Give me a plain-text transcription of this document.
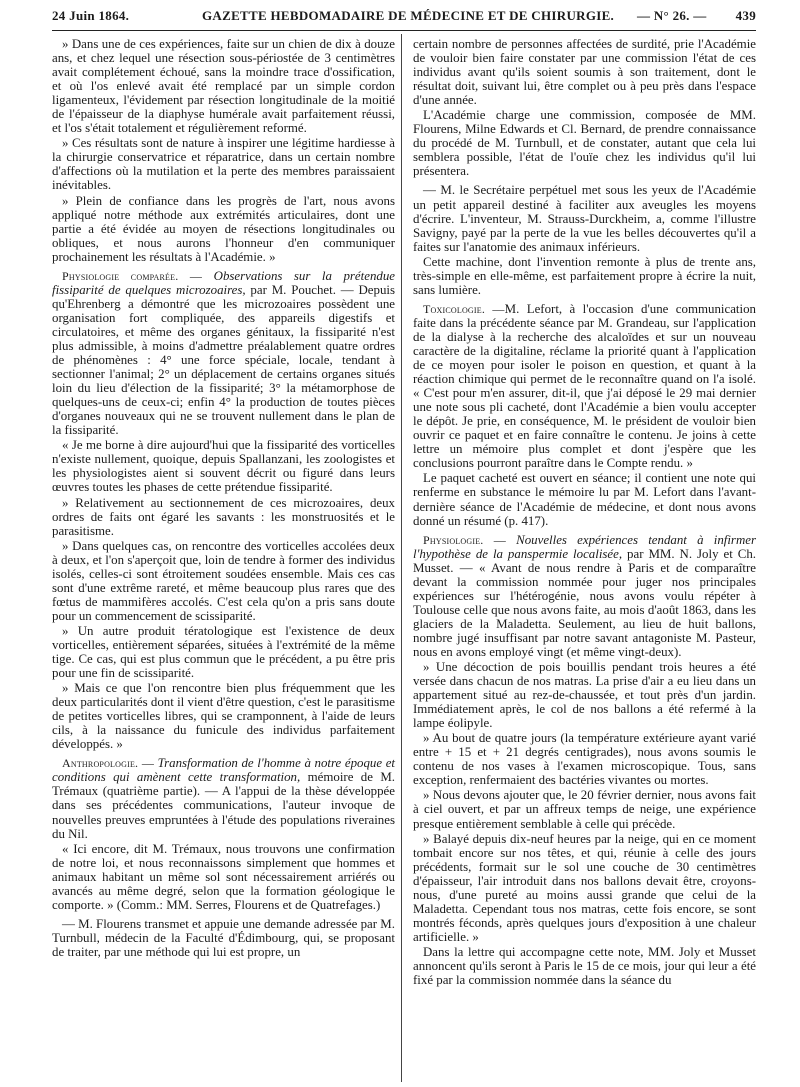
24 Juin 1864.	GAZETTE HEBDOMADAIRE DE MÉDECINE ET DE CHIRURGIE. — N° 26. — 439

» Dans une de ces expériences, faite sur un chien de dix à douze ans, et chez lequel une résection sous-périostée de 3 centimètres avait complétement échoué, sans la moindre trace d'ossification, et où l'os enlevé avait été remplacé par un simple cordon ligamenteux, l'évidement par résection longitudinale de la moitié de l'épaisseur de la diaphyse humérale avait parfaitement réussi, et l'os s'était totalement et régulièrement reformé.

» Ces résultats sont de nature à inspirer une légitime hardiesse à la chirurgie conservatrice et réparatrice, dans un certain nombre d'affections où la mutilation et la perte des membres paraissaient inévitables.

» Plein de confiance dans les progrès de l'art, nous avons appliqué notre méthode aux extrémités articulaires, dont une partie a été évidée au moyen de résections longitudinales ou obliques, et nous aurons l'honneur d'en communiquer prochainement les résultats à l'Académie. »

Physiologie comparée. — Observations sur la prétendue fissiparité de quelques microzoaires, par M. Pouchet. — Depuis qu'Ehrenberg a démontré que les microzoaires possèdent une organisation fort compliquée, des appareils digestifs et circulatoires, et même des organes génitaux, la fissiparité n'est plus admissible, à moins d'admettre préalablement quatre ordres de phénomènes : 4° une force spéciale, locale, tendant à sectionner l'animal; 2° un déplacement de certains organes situés loin du lieu d'élection de la fissiparité; 3° la métamorphose de quelques-uns de ceux-ci; enfin 4° la production de toutes pièces d'organes nouveaux qui ne se trouvent nullement dans le plan de la fissiparité.

« Je me borne à dire aujourd'hui que la fissiparité des vorticelles n'existe nullement, quoique, depuis Spallanzani, les zoologistes et les physiologistes aient si souvent décrit ou figuré dans leurs œuvres toutes les phases de cette prétendue fissiparité.

» Relativement au sectionnement de ces microzoaires, deux ordres de faits ont égaré les savants : les monstruosités et le parasitisme.

» Dans quelques cas, on rencontre des vorticelles accolées deux à deux, et l'on s'aperçoit que, loin de tendre à former des individus isolés, celles-ci sont étroitement soudées ensemble. Mais ces cas sont d'une extrême rareté, et même beaucoup plus rares que des fœtus de mammifères accolés. C'est cela qu'on a pris sans doute pour un commencement de scissiparité.

» Un autre produit tératologique est l'existence de deux vorticelles, entièrement séparées, situées à l'extrémité de la même tige. Ce cas, qui est plus commun que le précédent, a pu être pris pour une fin de scissiparité.

» Mais ce que l'on rencontre bien plus fréquemment que les deux particularités dont il vient d'être question, c'est le parasitisme de petites vorticelles libres, qui se cramponnent, à l'aide de leurs cils, à la naissance du funicule des individus parfaitement développés. »

Anthropologie. — Transformation de l'homme à notre époque et conditions qui amènent cette transformation, mémoire de M. Trémaux (quatrième partie). — A l'appui de la thèse développée dans ses précédentes communications, l'auteur invoque de nouvelles preuves empruntées à l'étude des populations riveraines du Nil.

« Ici encore, dit M. Trémaux, nous trouvons une confirmation de notre loi, et nous reconnaissons simplement que hommes et animaux habitant un même sol sont nécessairement arriérés ou avancés au même degré, selon que la formation géologique le comporte. » (Comm.: MM. Serres, Flourens et de Quatrefages.)

— M. Flourens transmet et appuie une demande adressée par M. Turnbull, médecin de la Faculté d'Édimbourg, qui, se proposant de traiter, par une méthode qui lui est propre, un

certain nombre de personnes affectées de surdité, prie l'Académie de vouloir bien faire constater par une commission l'état de ces individus avant qu'ils soient soumis à son traitement, dont le résultat doit, suivant lui, être complet ou à peu près dans l'espace d'une année.

L'Académie charge une commission, composée de MM. Flourens, Milne Edwards et Cl. Bernard, de prendre connaissance du procédé de M. Turnbull, et de constater, autant que cela lui semblera possible, l'état de l'ouïe chez les individus qu'il lui présentera.

— M. le Secrétaire perpétuel met sous les yeux de l'Académie un petit appareil destiné à faciliter aux aveugles les moyens d'écrire. L'inventeur, M. Strauss-Durckheim, a, comme l'illustre Savigny, payé par la perte de la vue les belles découvertes qu'il a faites sur l'anatomie des animaux inférieurs.

Cette machine, dont l'invention remonte à plus de trente ans, très-simple en elle-même, est parfaitement propre à écrire la nuit, sans lumière.

Toxicologie. —M. Lefort, à l'occasion d'une communication faite dans la précédente séance par M. Grandeau, sur l'application de la dialyse à la recherche des alcaloïdes et sur un nouveau caractère de la digitaline, réclame la priorité quant à l'application de ce moyen pour isoler le poison en question, et quant à la réaction chimique qui permet de le reconnaître quand on l'a isolé. « C'est pour m'en assurer, dit-il, que j'ai déposé le 29 mai dernier une note sous pli cacheté, dont l'Académie a bien voulu accepter le dépôt. Je prie, en conséquence, M. le président de vouloir bien ouvrir ce paquet et en faire connaître le contenu. Je joins à cette lettre un mémoire plus complet et dont j'espère que les conclusions pourront paraître dans le Compte rendu. »

Le paquet cacheté est ouvert en séance; il contient une note qui renferme en substance le mémoire lu par M. Lefort dans l'avant-dernière séance de l'Académie de médecine, et dont nous avons donné un résumé (p. 417).

Physiologie. — Nouvelles expériences tendant à infirmer l'hypothèse de la panspermie localisée, par MM. N. Joly et Ch. Musset. — « Avant de nous rendre à Paris et de comparaître devant la commission nommée pour juger nos principales expériences sur l'hétérogénie, nous avons voulu répéter à Toulouse celle que nous avons faite, au mois d'août 1863, dans les glaciers de la Maladetta. Seulement, au lieu de huit ballons, nombre jugé insuffisant par notre savant antagoniste M. Pasteur, nous en avons employé vingt (et même vingt-deux).

» Une décoction de pois bouillis pendant trois heures a été versée dans chacun de nos matras. La prise d'air a eu lieu dans un appartement situé au rez-de-chaussée, et tout près d'un jardin. Immédiatement après, le col de nos ballons a été refermé à la lampe éolipyle.

» Au bout de quatre jours (la température extérieure ayant varié entre + 15 et + 21 degrés centigrades), nous avons soumis le contenu de nos vases à l'examen microscopique. Tous, sans exception, renfermaient des bactéries vivantes ou mortes.

» Nous devons ajouter que, le 20 février dernier, nous avons fait à ciel ouvert, et par un affreux temps de neige, une expérience presque entièrement semblable à celle qui précède.

» Balayé depuis dix-neuf heures par la neige, qui en ce moment tombait encore sur nos têtes, et qui, réunie à celle des jours précédents, formait sur le sol une couche de 30 centimètres d'épaisseur, l'air introduit dans nos ballons devait être, croyons-nous, d'une pureté au moins aussi grande que celui de la Maladetta. Cependant tous nos matras, cette fois encore, se sont montrés féconds, après quelques jours d'exposition à une chaleur artificielle. »

Dans la lettre qui accompagne cette note, MM. Joly et Musset annoncent qu'ils seront à Paris le 15 de ce mois, jour qui leur a été fixé par la commission nommée dans la séance du
